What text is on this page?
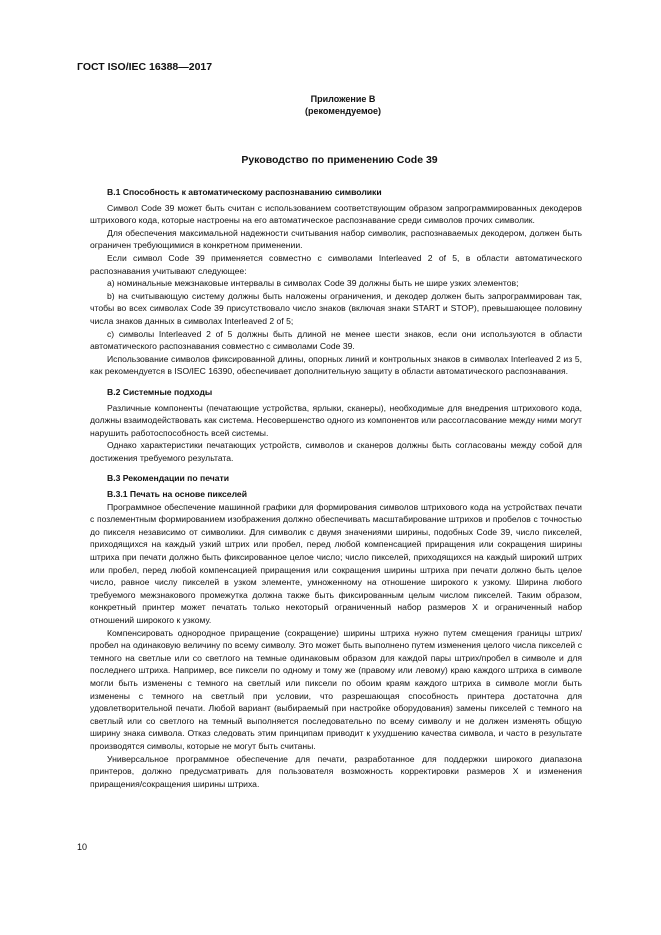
ГОСТ ISO/IEC 16388—2017
Приложение В
(рекомендуемое)
Руководство по применению Code 39
В.1 Способность к автоматическому распознаванию символики

Символ Code 39 может быть считан с использованием соответствующим образом запрограммированных декодеров штрихового кода, которые настроены на его автоматическое распознавание среди символов прочих символик.

Для обеспечения максимальной надежности считывания набор символик, распознаваемых декодером, должен быть ограничен требующимися в конкретном применении.

Если символ Code 39 применяется совместно с символами Interleaved 2 of 5, в области автоматического распознавания учитывают следующее:

а) номинальные межзнаковые интервалы в символах Code 39 должны быть не шире узких элементов;

b) на считывающую систему должны быть наложены ограничения, и декодер должен быть запрограммирован так, чтобы во всех символах Code 39 присутствовало число знаков (включая знаки START и STOP), превышающее половину числа знаков данных в символах Interleaved 2 of 5;

с) символы Interleaved 2 of 5 должны быть длиной не менее шести знаков, если они используются в области автоматического распознавания совместно с символами Code 39.

Использование символов фиксированной длины, опорных линий и контрольных знаков в символах Interleaved 2 из 5, как рекомендуется в ISO/IEC 16390, обеспечивает дополнительную защиту в области автоматического распознавания.

В.2 Системные подходы

Различные компоненты (печатающие устройства, ярлыки, сканеры), необходимые для внедрения штрихового кода, должны взаимодействовать как система. Несовершенство одного из компонентов или рассогласование между ними могут нарушить работоспособность всей системы.

Однако характеристики печатающих устройств, символов и сканеров должны быть согласованы между собой для достижения требуемого результата.

В.3 Рекомендации по печати
В.3.1 Печать на основе пикселей

Программное обеспечение машинной графики для формирования символов штрихового кода на устройствах печати с позлементным формированием изображения должно обеспечивать масштабирование штрихов и пробелов с точностью до пикселя независимо от символики. Для символик с двумя значениями ширины, подобных Code 39, число пикселей, приходящихся на каждый узкий штрих или пробел, перед любой компенсацией приращения или сокращения ширины штриха при печати должно быть фиксированное целое число; число пикселей, приходящихся на каждый широкий штрих или пробел, перед любой компенсацией приращения или сокращения ширины штриха при печати должно быть целое число, равное числу пикселей в узком элементе, умноженному на отношение широкого к узкому. Ширина любого требуемого межзнакового промежутка должна также быть фиксированным целым числом пикселей. Таким образом, конкретный принтер может печатать только некоторый ограниченный набор размеров X и ограниченный набор отношений широкого к узкому.

Компенсировать однородное приращение (сокращение) ширины штриха нужно путем смещения границы штрих/пробел на одинаковую величину по всему символу. Это может быть выполнено путем изменения целого числа пикселей с темного на светлые или со светлого на темные одинаковым образом для каждой пары штрих/пробел в символе и для последнего штриха. Например, все пиксели по одному и тому же (правому или левому) краю каждого штриха в символе могли быть изменены с темного на светлый или пиксели по обоим краям каждого штриха в символе могли быть изменены с темного на светлый при условии, что разрешающая способность принтера достаточна для удовлетворительной печати. Любой вариант (выбираемый при настройке оборудования) замены пикселей с темного на светлый или со светлого на темный выполняется последовательно по всему символу и не должен изменять общую ширину знака символа. Отказ следовать этим принципам приводит к ухудшению качества символа, и часто в результате производятся символы, которые не могут быть считаны.

Универсальное программное обеспечение для печати, разработанное для поддержки широкого диапазона принтеров, должно предусматривать для пользователя возможность корректировки размеров X и изменения приращения/сокращения ширины штриха.

10
